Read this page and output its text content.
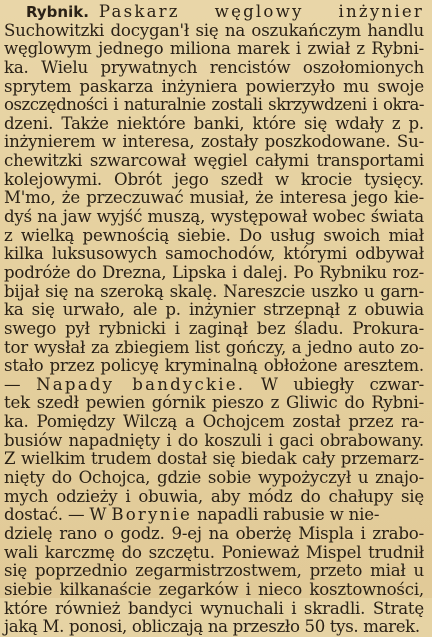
Rybnik. Paskarz węglowy inżynier
Suchowitzki docygan'ł się na oszukańczym handlu
węglowym jednego miliona marek i zwiał z Rybni-
ka. Wielu prywatnych rencistów oszołomionych
sprytem paskarza inżyniera powierzyło mu swoje
oszczędności i naturalnie zostali skrzywdzeni i okra-
dzeni. Także niektóre banki, które się wdały z p.
inżynierem w interesa, zostały poszkodowane. Su-
chewitzki szwarcował węgiel całymi transportami
kolejowymi. Obrót jego szedł w krocie tysięcy.
M'mo, że przeczuwać musiał, że interesa jego kie-
dyś na jaw wyjść muszą, występował wobec świata
z wielką pewnością siebie. Do usług swoich miał
kilka luksusowych samochodów, którymi odbywał
podróże do Drezna, Lipska i dalej. Po Rybniku roz-
bijał się na szeroką skalę. Nareszcie uszko u garn-
ka się urwało, ale p. inżynier strzepnął z obuwia
swego pył rybnicki i zaginął bez śladu. Prokura-
tor wysłał za zbiegiem list gończy, a jedno auto zo-
stało przez policyę kryminalną obłożone aresztem.
— Napady bandyckie. W ubiegły czwar-
tek szedł pewien górnik pieszo z Gliwic do Rybni-
ka. Pomiędzy Wilczą a Ochojcem został przez ra-
busiów napadnięty i do koszuli i gaci obrabowany.
Z wielkim trudem dostał się biedak cały przemarz-
nięty do Ochojca, gdzie sobie wypożyczył u znajo-
mych odzieży i obuwia, aby módz do chałupy się
dostać. — W Borynie napadli rabusie w nie-
dzielę rano o godz. 9-ej na oberżę Mispla i zrabo-
wali karczmę do szczętu. Ponieważ Mispel trudnił
się poprzednio zegarmistrzostwem, przeto miał u
siebie kilkanaście zegarków i nieco kosztowności,
które również bandyci wynuchali i skradli. Stratę
jaką M. ponosi, obliczają na przeszło 50 tys. marek.
